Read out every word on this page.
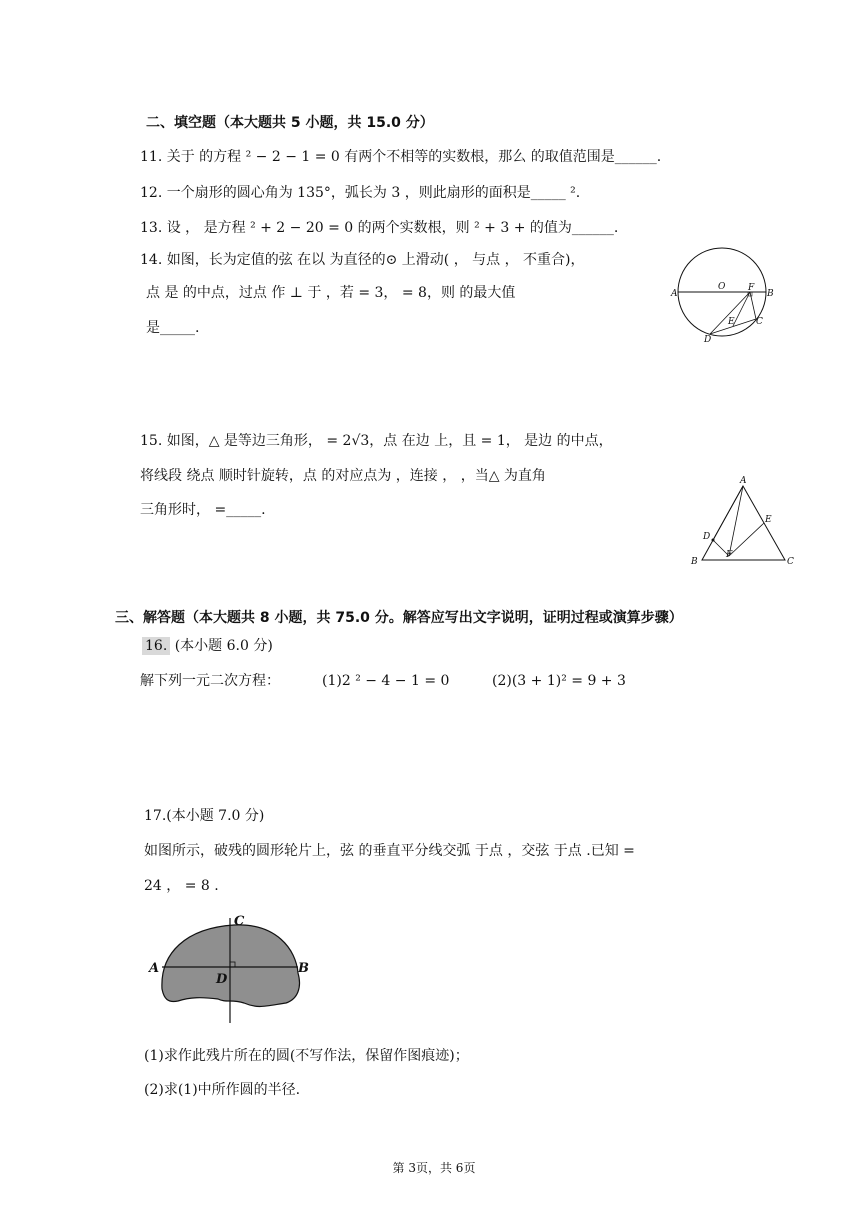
二、填空题（本大题共 5 小题，共 15.0 分）
11. 关于 的方程 ² − 2 − 1 = 0 有两个不相等的实数根，那么 的取值范围是______.
12. 一个扇形的圆心角为 135°，弧长为 3 ，则此扇形的面积是_____ ².
13. 设 ， 是方程 ² + 2 − 20 = 0 的两个实数根，则 ² + 3 + 的值为______.
14. 如图，长为定值的弦 在以 为直径的⊙ 上滑动( ， 与点 ， 不重合)，
点 是 的中点，过点 作 ⊥ 于 ，若 = 3， = 8，则 的最大值
是_____.
A
O	F
B
E C
D
15. 如图，△ 是等边三角形， = 2√3，点 在边 上，且 = 1， 是边 的中点，
将线段 绕点 顺时针旋转，点 的对应点为 ，连接 ， ，当△ 为直角
三角形时， =_____.
A
E
D
F
B	C
三、解答题（本大题共 8 小题，共 75.0 分。解答应写出文字说明，证明过程或演算步骤）
16. (本小题 6.0 分)
解下列一元二次方程：	(1)2 ² − 4 − 1 = 0	(2)(3 + 1)² = 9 + 3
17.(本小题 7.0 分)
如图所示，破残的圆形轮片上，弦 的垂直平分线交弧 于点 ，交弦 于点 .已知 =
24 ， = 8 .
C
A	B
D
(1)求作此残片所在的圆(不写作法，保留作图痕迹)；
(2)求(1)中所作圆的半径.
第 3页，共 6页
